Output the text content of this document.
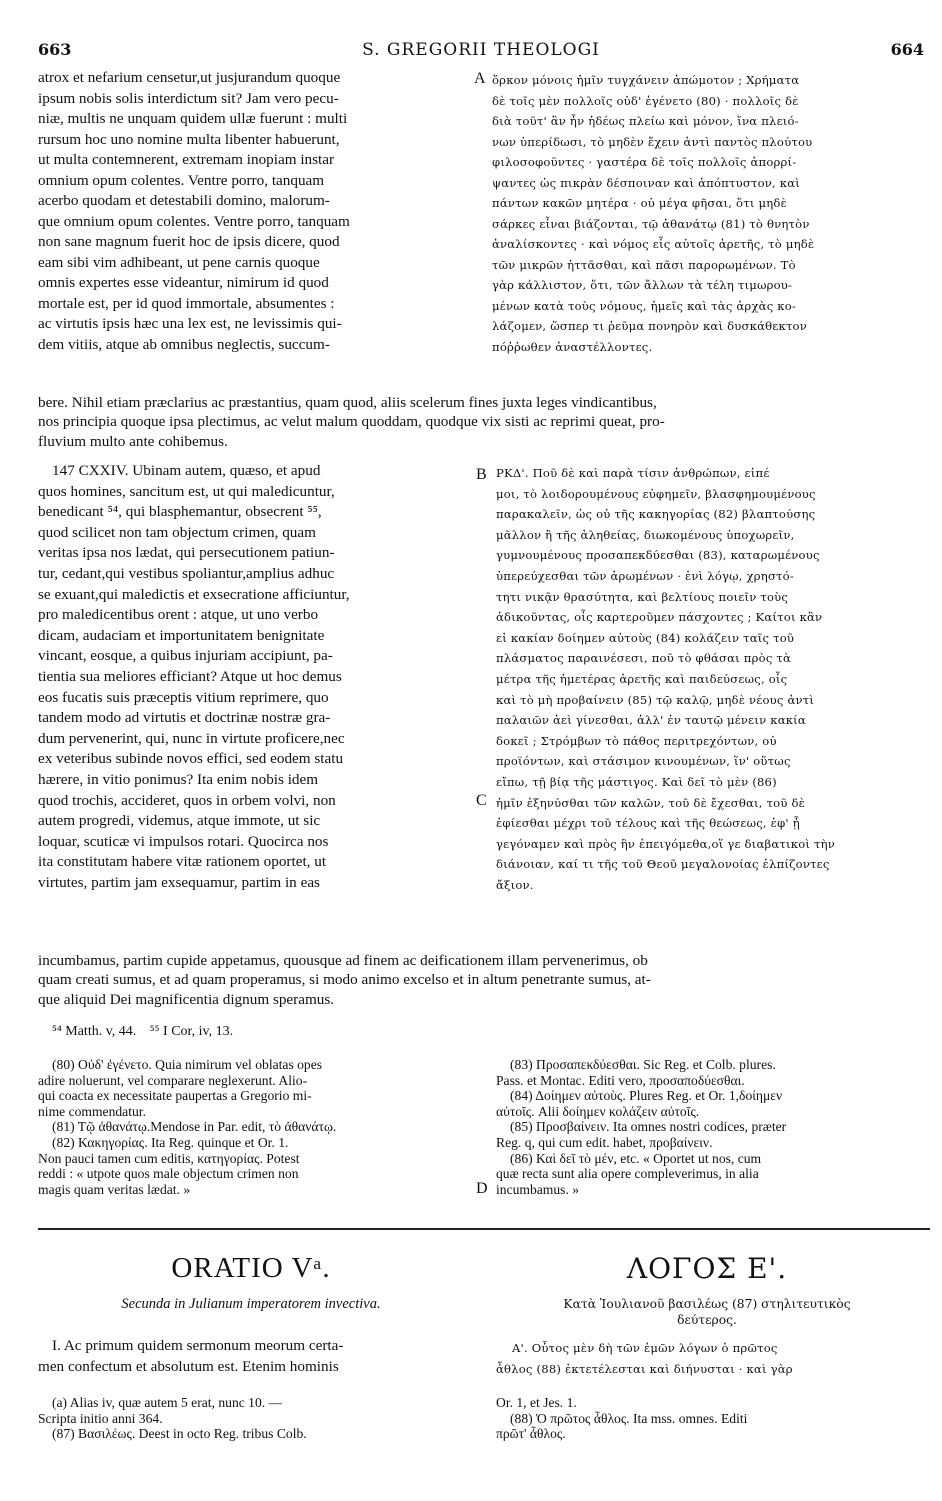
663	S. GREGORII THEOLOGI	664
atrox et nefarium censetur,ut jusjurandum quoque
ipsum nobis solis interdictum sit? Jam vero pecu-
niæ, multis ne unquam quidem ullæ fuerunt : multi
rursum hoc uno nomine multa libenter habuerunt,
ut multa contemnerent, extremam inopiam instar
omnium opum colentes. Ventre porro, tanquam
acerbo quodam et detestabili domino, malorum-
que omnium opum colentes. Ventre porro, tanquam
non sane magnum fuerit hoc de ipsis dicere, quod
eam sibi vim adhibeant, ut pene carnis quoque
omnis expertes esse videantur, nimirum id quod
mortale est, per id quod immortale, absumentes :
ac virtutis ipsis hæc una lex est, ne levissimis qui-
dem vitiis, atque ab omnibus neglectis, succum-
A ὅρκον μόνοις ἡμῖν τυγχάνειν ἀπώμοτον ; Χρήματα
δὲ τοῖς μὲν πολλοῖς οὐδ' ἐγένετο (80) · πολλοῖς δὲ
διὰ τοῦτ' ἂν ἦν ἡδέως πλείω καὶ μόνον, ἵνα πλειό-
νων ὑπερίδωσι, τὸ μηδὲν ἔχειν ἀντὶ παντὸς πλούτου
φιλοσοφοῦντες · γαστέρα δὲ τοῖς πολλοῖς ἀπορρί-
ψαντες ὡς πικρὰν δέσποιναν καὶ ἀπόπτυστον, καὶ
πάντων κακῶν μητέρα · οὐ μέγα φῆσαι, ὅτι μηδὲ
σάρκες εἶναι βιάζονται, τῷ ἀθανάτῳ (81) τὸ θνητὸν
ἀναλίσκοντες · καὶ νόμος εἷς αὐτοῖς ἀρετῆς, τὸ μηδὲ
τῶν μικρῶν ἡττᾶσθαι, καὶ πᾶσι παρορωμένων. Τὸ
γὰρ κάλλιστον, ὅτι, τῶν ἄλλων τὰ τέλη τιμωρου-
μένων κατὰ τοὺς νόμους, ἡμεῖς καὶ τὰς ἀρχὰς κο-
λάζομεν, ὥσπερ τι ῥεῦμα πονηρὸν καὶ δυσκάθεκτον
πόῤῥωθεν ἀναστέλλοντες.
bere. Nihil etiam præclarius ac præstantius, quam quod, aliis scelerum fines juxta leges vindicantibus,
nos principia quoque ipsa plectimus, ac velut malum quoddam, quodque vix sisti ac reprimi queat, pro-
fluvium multo ante cohibemus.
147 CXXIV. Ubinam autem, quæso, et apud
quos homines, sancitum est, ut qui maledicuntur,
benedicant ⁵⁴, qui blasphemantur, obsecrent ⁵⁵,
quod scilicet non tam objectum crimen, quam
veritas ipsa nos lædat, qui persecutionem patiun-
tur, cedant,qui vestibus spoliantur,amplius adhuc
se exuant,qui maledictis et exsecratione afficiuntur,
pro maledicentibus orent : atque, ut uno verbo
dicam, audaciam et importunitatem benignitate
vincant, eosque, a quibus injuriam accipiunt, pa-
tientia sua meliores efficiant? Atque ut hoc demus
eos fucatis suis præceptis vitium reprimere, quo
tandem modo ad virtutis et doctrinæ nostræ gra-
dum pervenerint, qui, nunc in virtute proficere,nec
ex veteribus subinde novos effici, sed eodem statu
hærere, in vitio ponimus? Ita enim nobis idem
quod trochis, accideret, quos in orbem volvi, non
autem progredi, videmus, atque immote, ut sic
loquar, scuticæ vi impulsos rotari. Quocirca nos
ita constitutam habere vitæ rationem oportet, ut
virtutes, partim jam exsequamur, partim in eas
B
C
ΡΚΔ'. Ποῦ δὲ καὶ παρὰ τίσιν ἀνθρώπων, εἰπέ
μοι, τὸ λοιδορουμένους εὐφημεῖν, βλασφημουμένους
παρακαλεῖν, ὡς οὐ τῆς κακηγορίας (82) βλαπτούσης
μᾶλλον ἢ τῆς ἀληθείας, διωκομένους ὑποχωρεῖν,
γυμνουμένους προσαπεκδύεσθαι (83), καταρωμένους
ὑπερεύχεσθαι τῶν ἀρωμένων · ἑνὶ λόγῳ, χρηστό-
τητι νικᾷν θρασύτητα, καὶ βελτίους ποιεῖν τοὺς
ἀδικοῦντας, οἷς καρτεροῦμεν πάσχοντες ; Καίτοι κἂν
εἰ κακίαν δοίημεν αὐτοὺς (84) κολάζειν ταῖς τοῦ
πλάσματος παραινέσεσι, ποῦ τὸ φθάσαι πρὸς τὰ
μέτρα τῆς ἡμετέρας ἀρετῆς καὶ παιδεύσεως, οἷς
καὶ τὸ μὴ προβαίνειν (85) τῷ καλῷ, μηδὲ νέους ἀντὶ
παλαιῶν ἀεὶ γίνεσθαι, ἀλλ' ἐν ταυτῷ μένειν κακία
δοκεῖ ; Στρόμβων τὸ πάθος περιτρεχόντων, οὐ
προϊόντων, καὶ στάσιμον κινουμένων, ἵν' οὕτως
εἴπω, τῇ βίᾳ τῆς μάστιγος. Καὶ δεῖ τὸ μὲν (86)
ἡμῖν ἐξηνύσθαι τῶν καλῶν, τοῦ δὲ ἔχεσθαι, τοῦ δὲ
ἐφίεσθαι μέχρι τοῦ τέλους καὶ τῆς θεώσεως, ἐφ' ᾗ
γεγόναμεν καὶ πρὸς ἣν ἐπειγόμεθα,οἵ γε διαβατικοὶ τὴν
διάνοιαν, καί τι τῆς τοῦ Θεοῦ μεγαλονοίας ἐλπίζοντες
ἄξιον.
incumbamus, partim cupide appetamus, quousque ad finem ac deificationem illam pervenerimus, ob
quam creati sumus, et ad quam properamus, si modo animo excelso et in altum penetrante sumus, at-
que aliquid Dei magnificentia dignum speramus.
⁵⁴ Matth. v, 44. ⁵⁵ I Cor, iv, 13.
(80) Οὐδ' ἐγένετο. Quia nimirum vel oblatas opes
adire noluerunt, vel comparare neglexerunt. Alio-
qui coacta ex necessitate paupertas a Gregorio mi-
nime commendatur.
(81) Τῷ ἀθανάτῳ.Mendose in Par. edit, τὸ ἀθανάτῳ.
(82) Κακηγορίας. Ita Reg. quinque et Or. 1.
Non pauci tamen cum editis, κατηγορίας. Potest
reddi : « utpote quos male objectum crimen non
magis quam veritas lædat. »	D
(83) Προσαπεκδύεσθαι. Sic Reg. et Colb. plures.
Pass. et Montac. Editi vero, προσαποδύεσθαι.
(84) Δοίημεν αὐτοὺς. Plures Reg. et Or. 1,δοίημεν
αὐτοῖς. Alii δοίημεν κολάζειν αὐτοῖς.
(85) Προσβαίνειν. Ita omnes nostri codices, præter
Reg. q, qui cum edit. habet, προβαίνειν.
(86) Καὶ δεῖ τὸ μέν, etc. « Oportet ut nos, cum
quæ recta sunt alia opere compleverimus, in alia
incumbamus. »
ORATIO Vᵃ.
Secunda in Julianum imperatorem invectiva.
ΛΟΓΟΣ Ε'.
Κατὰ Ἰουλιανοῦ βασιλέως (87) στηλιτευτικὸς
δεύτερος.
I. Ac primum quidem sermonum meorum certa-
men confectum et absolutum est. Etenim hominis
Α'. Οὗτος μὲν δὴ τῶν ἐμῶν λόγων ὁ πρῶτος
ἆθλος (88) ἐκτετέλεσται καὶ διήνυσται · καὶ γὰρ
(a) Alias iv, quæ autem 5 erat, nunc 10. —
Scripta initio anni 364.
(87) Βασιλέως. Deest in octo Reg. tribus Colb.
Or. 1, et Jes. 1.
(88) Ὁ πρῶτος ἆθλος. Ita mss. omnes. Editi
πρῶτ' ἆθλος.
